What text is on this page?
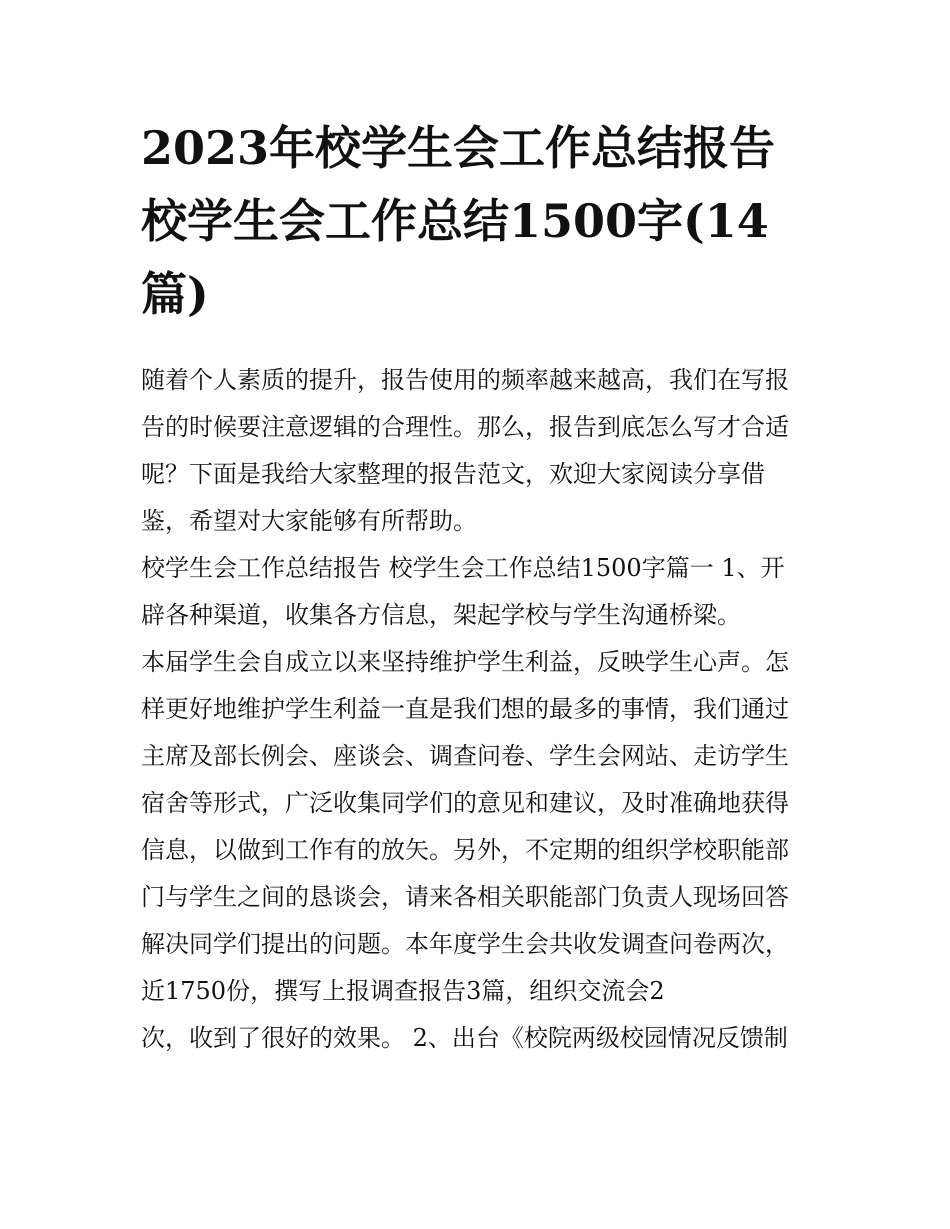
2023年校学生会工作总结报告
校学生会工作总结1500字(14
篇)

随着个人素质的提升，报告使用的频率越来越高，我们在写报
告的时候要注意逻辑的合理性。那么，报告到底怎么写才合适
呢？下面是我给大家整理的报告范文，欢迎大家阅读分享借
鉴，希望对大家能够有所帮助。

校学生会工作总结报告 校学生会工作总结1500字篇一 1、开
辟各种渠道，收集各方信息，架起学校与学生沟通桥梁。

本届学生会自成立以来坚持维护学生利益，反映学生心声。怎
样更好地维护学生利益一直是我们想的最多的事情，我们通过
主席及部长例会、座谈会、调查问卷、学生会网站、走访学生
宿舍等形式，广泛收集同学们的意见和建议，及时准确地获得
信息，以做到工作有的放矢。另外，不定期的组织学校职能部
门与学生之间的恳谈会，请来各相关职能部门负责人现场回答
解决同学们提出的问题。本年度学生会共收发调查问卷两次，
近1750份，撰写上报调查报告3篇，组织交流会2

次，收到了很好的效果。 2、出台《校院两级校园情况反馈制
